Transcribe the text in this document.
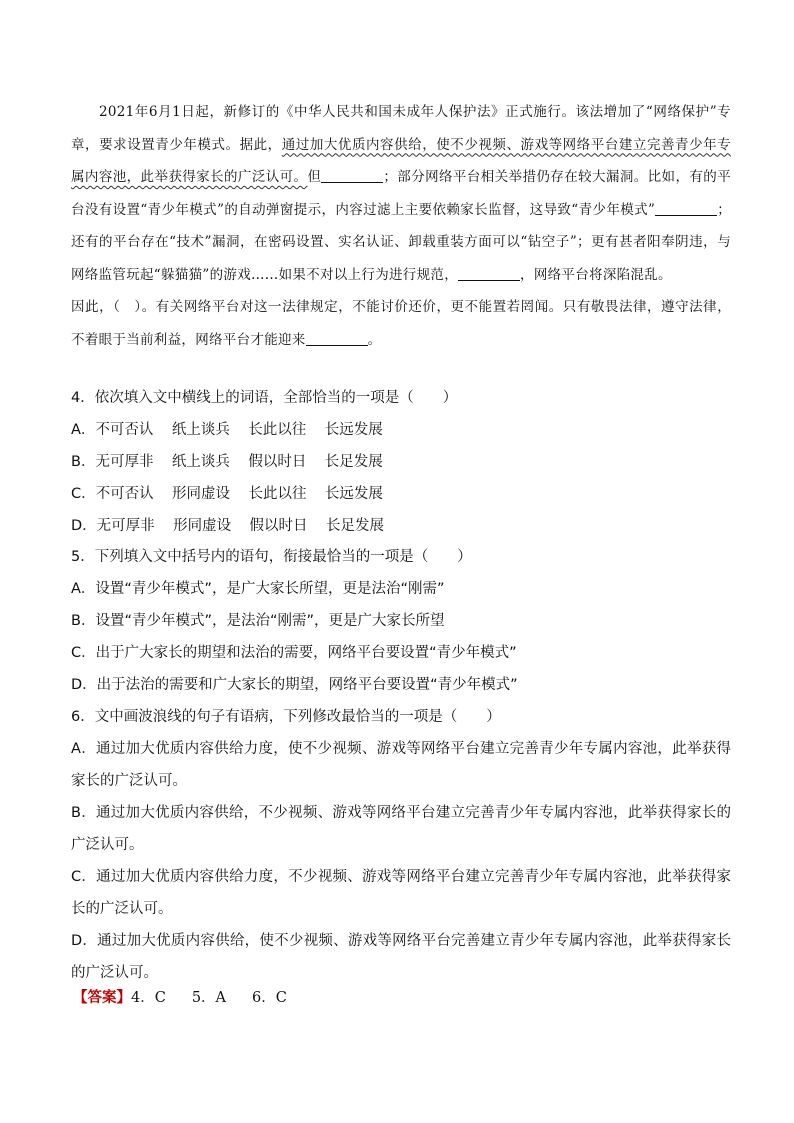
2021年6月1日起，新修订的《中华人民共和国未成年人保护法》正式施行。该法增加了“网络保护”专章，要求设置青少年模式。据此，通过加大优质内容供给，使不少视频、游戏等网络平台建立完善青少年专属内容池，此举获得家长的广泛认可。但	；部分网络平台相关举措仍存在较大漏洞。比如，有的平台没有设置“青少年模式”的自动弹窗提示，内容过滤上主要依赖家长监督，这导致“青少年模式”	；还有的平台存在“技术”漏洞，在密码设置、实名认证、卸载重装方面可以“钻空子”；更有甚者阳奉阴违，与网络监管玩起“躲猫猫”的游戏……如果不对以上行为进行规范，	，网络平台将深陷混乱。

因此，（　）。有关网络平台对这一法律规定，不能讨价还价，更不能置若罔闻。只有敬畏法律，遵守法律，不着眼于当前利益，网络平台才能迎来	。

4．依次填入文中横线上的词语，全部恰当的一项是（　　）

A．不可否认    纸上谈兵    长此以往    长远发展

B．无可厚非    纸上谈兵    假以时日    长足发展

C．不可否认    形同虚设    长此以往    长远发展

D．无可厚非    形同虚设    假以时日    长足发展

5．下列填入文中括号内的语句，衔接最恰当的一项是（　　）

A．设置“青少年模式”，是广大家长所望，更是法治“刚需”

B．设置“青少年模式”，是法治“刚需”，更是广大家长所望

C．出于广大家长的期望和法治的需要，网络平台要设置“青少年模式”

D．出于法治的需要和广大家长的期望，网络平台要设置“青少年模式”

6．文中画波浪线的句子有语病，下列修改最恰当的一项是（　　）

A．通过加大优质内容供给力度，使不少视频、游戏等网络平台建立完善青少年专属内容池，此举获得家长的广泛认可。

B．通过加大优质内容供给，不少视频、游戏等网络平台建立完善青少年专属内容池，此举获得家长的广泛认可。

C．通过加大优质内容供给力度，不少视频、游戏等网络平台建立完善青少年专属内容池，此举获得家长的广泛认可。

D．通过加大优质内容供给，使不少视频、游戏等网络平台完善建立青少年专属内容池，此举获得家长的广泛认可。

【答案】4．C 5．A 6．C
